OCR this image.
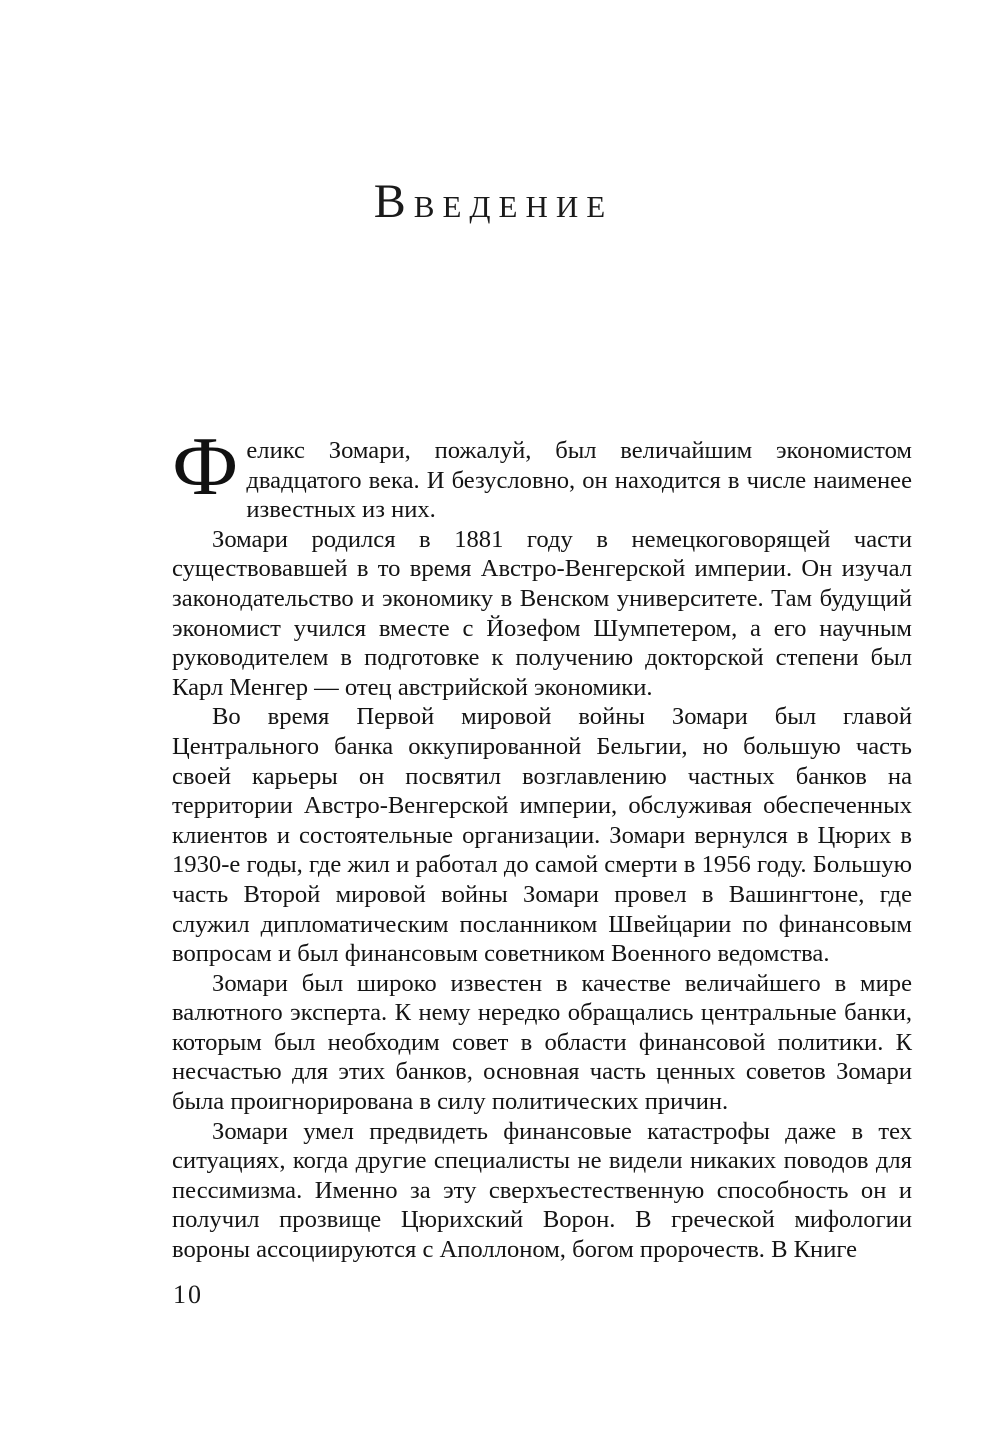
ВВЕДЕНИЕ

Феликс Зомари, пожалуй, был величайшим экономистом двадцатого века. И безусловно, он находится в числе наименее известных из них.

Зомари родился в 1881 году в немецкоговорящей части существовавшей в то время Австро-Венгерской империи. Он изучал законодательство и экономику в Венском университете. Там будущий экономист учился вместе с Йозефом Шумпетером, а его научным руководителем в подготовке к получению докторской степени был Карл Менгер — отец австрийской экономики.

Во время Первой мировой войны Зомари был главой Центрального банка оккупированной Бельгии, но большую часть своей карьеры он посвятил возглавлению частных банков на территории Австро-Венгерской империи, обслуживая обеспеченных клиентов и состоятельные организации. Зомари вернулся в Цюрих в 1930-е годы, где жил и работал до самой смерти в 1956 году. Большую часть Второй мировой войны Зомари провел в Вашингтоне, где служил дипломатическим посланником Швейцарии по финансовым вопросам и был финансовым советником Военного ведомства.

Зомари был широко известен в качестве величайшего в мире валютного эксперта. К нему нередко обращались центральные банки, которым был необходим совет в области финансовой политики. К несчастью для этих банков, основная часть ценных советов Зомари была проигнорирована в силу политических причин.

Зомари умел предвидеть финансовые катастрофы даже в тех ситуациях, когда другие специалисты не видели никаких поводов для пессимизма. Именно за эту сверхъестественную способность он и получил прозвище Цюрихский Ворон. В греческой мифологии вороны ассоциируются с Аполлоном, богом пророчеств. В Книге

10
